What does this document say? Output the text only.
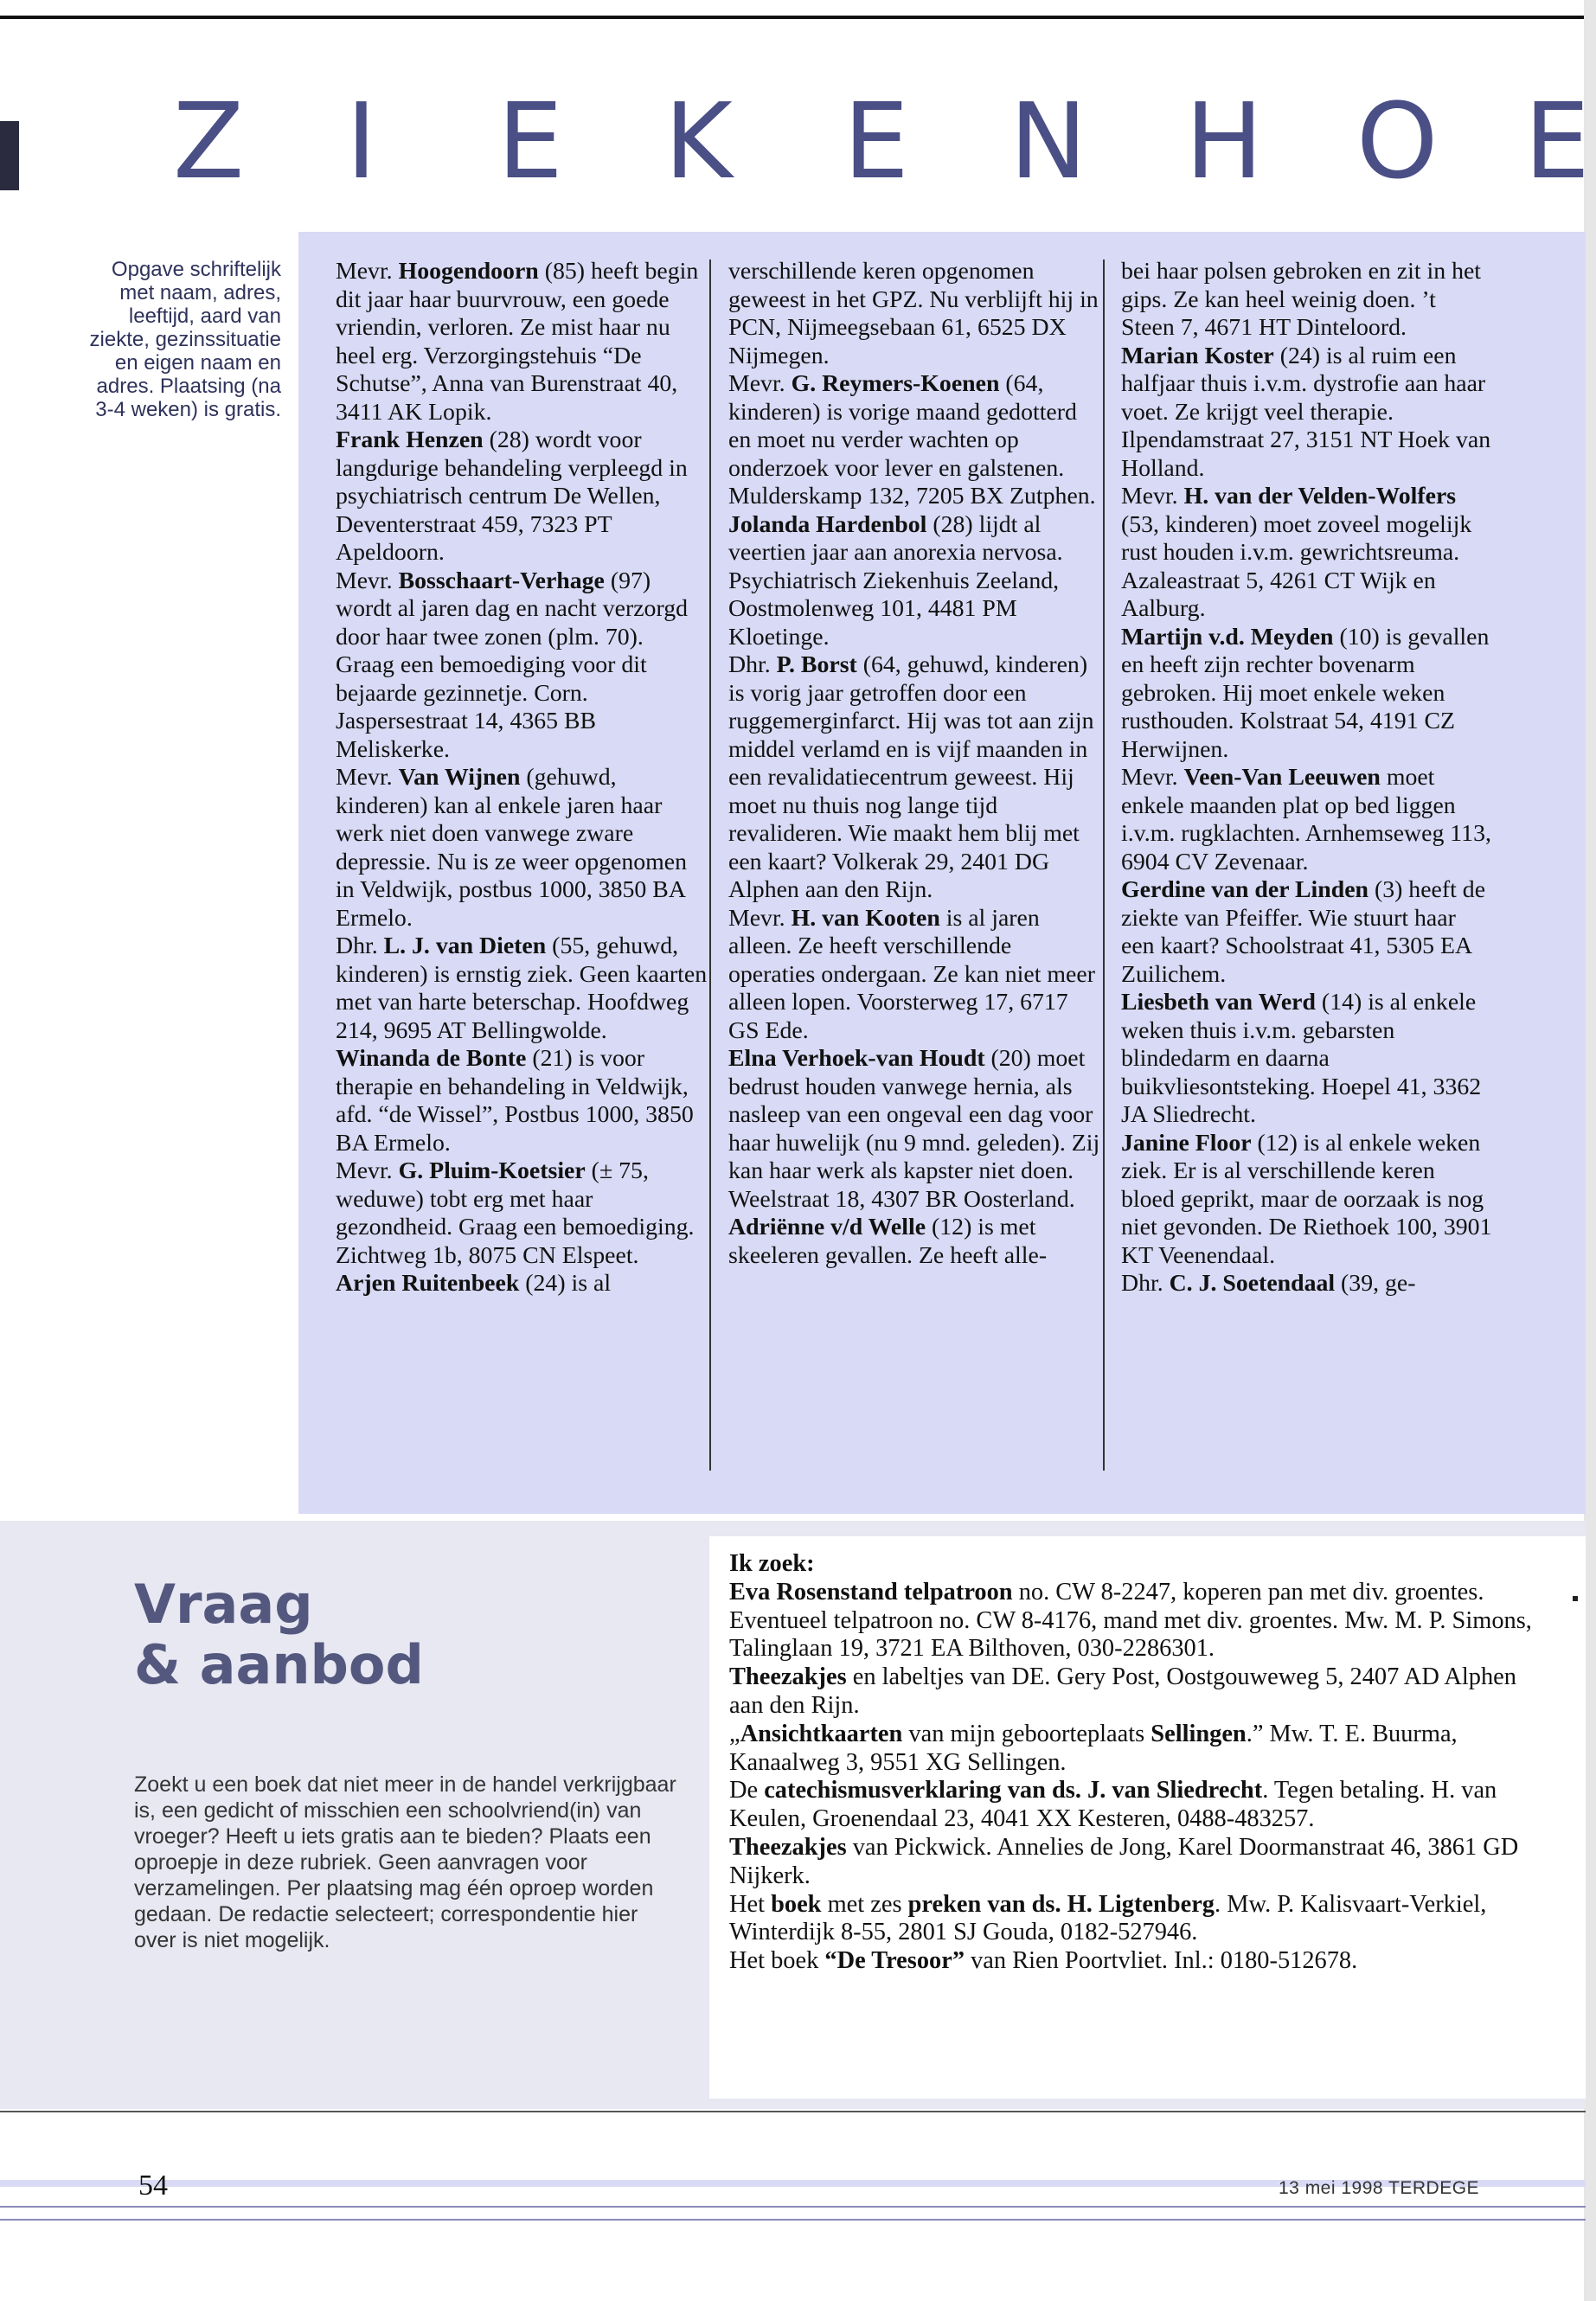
Z I E K E N H O E
Opgave schriftelijk met naam, adres, leeftijd, aard van ziekte, gezinssituatie en eigen naam en adres. Plaatsing (na 3-4 weken) is gratis.

Mevr. Hoogendoorn (85) heeft begin dit jaar haar buurvrouw, een goede vriendin, verloren. Ze mist haar nu heel erg. Verzorgingstehuis “De Schutse”, Anna van Burenstraat 40, 3411 AK Lopik.

Frank Henzen (28) wordt voor langdurige behandeling verpleegd in psychiatrisch centrum De Wellen, Deventerstraat 459, 7323 PT Apeldoorn.

Mevr. Bosschaart-Verhage (97) wordt al jaren dag en nacht verzorgd door haar twee zonen (plm. 70). Graag een bemoediging voor dit bejaarde gezinnetje. Corn. Jaspersestraat 14, 4365 BB Meliskerke.

Mevr. Van Wijnen (gehuwd, kinderen) kan al enkele jaren haar werk niet doen vanwege zware depressie. Nu is ze weer opgenomen in Veldwijk, postbus 1000, 3850 BA Ermelo.

Dhr. L. J. van Dieten (55, gehuwd, kinderen) is ernstig ziek. Geen kaarten met van harte beterschap. Hoofdweg 214, 9695 AT Bellingwolde.

Winanda de Bonte (21) is voor therapie en behandeling in Veldwijk, afd. “de Wissel”, Postbus 1000, 3850 BA Ermelo.

Mevr. G. Pluim-Koetsier (± 75, weduwe) tobt erg met haar gezondheid. Graag een bemoediging. Zichtweg 1b, 8075 CN Elspeet.

Arjen Ruitenbeek (24) is al

verschillende keren opgenomen geweest in het GPZ. Nu verblijft hij in PCN, Nijmeegsebaan 61, 6525 DX Nijmegen.

Mevr. G. Reymers-Koenen (64, kinderen) is vorige maand gedotterd en moet nu verder wachten op onderzoek voor lever en galstenen. Mulderskamp 132, 7205 BX Zutphen.

Jolanda Hardenbol (28) lijdt al veertien jaar aan anorexia nervosa. Psychiatrisch Ziekenhuis Zeeland, Oostmolenweg 101, 4481 PM Kloetinge.

Dhr. P. Borst (64, gehuwd, kinderen) is vorig jaar getroffen door een ruggemerginfarct. Hij was tot aan zijn middel verlamd en is vijf maanden in een revalidatiecentrum geweest. Hij moet nu thuis nog lange tijd revalideren. Wie maakt hem blij met een kaart? Volkerak 29, 2401 DG Alphen aan den Rijn.

Mevr. H. van Kooten is al jaren alleen. Ze heeft verschillende operaties ondergaan. Ze kan niet meer alleen lopen. Voorsterweg 17, 6717 GS Ede.

Elna Verhoek-van Houdt (20) moet bedrust houden vanwege hernia, als nasleep van een ongeval een dag voor haar huwelijk (nu 9 mnd. geleden). Zij kan haar werk als kapster niet doen. Weelstraat 18, 4307 BR Oosterland.

Adriënne v/d Welle (12) is met skeeleren gevallen. Ze heeft alle-

bei haar polsen gebroken en zit in het gips. Ze kan heel weinig doen. ’t Steen 7, 4671 HT Dinteloord.

Marian Koster (24) is al ruim een halfjaar thuis i.v.m. dystrofie aan haar voet. Ze krijgt veel therapie. Ilpendamstraat 27, 3151 NT Hoek van Holland.

Mevr. H. van der Velden-Wolfers (53, kinderen) moet zoveel mogelijk rust houden i.v.m. gewrichtsreuma. Azaleastraat 5, 4261 CT Wijk en Aalburg.

Martijn v.d. Meyden (10) is gevallen en heeft zijn rechter bovenarm gebroken. Hij moet enkele weken rusthouden. Kolstraat 54, 4191 CZ Herwijnen.

Mevr. Veen-Van Leeuwen moet enkele maanden plat op bed liggen i.v.m. rugklachten. Arnhemseweg 113, 6904 CV Zevenaar.

Gerdine van der Linden (3) heeft de ziekte van Pfeiffer. Wie stuurt haar een kaart? Schoolstraat 41, 5305 EA Zuilichem.

Liesbeth van Werd (14) is al enkele weken thuis i.v.m. gebarsten blindedarm en daarna buikvliesontsteking. Hoepel 41, 3362 JA Sliedrecht.

Janine Floor (12) is al enkele weken ziek. Er is al verschillende keren bloed geprikt, maar de oorzaak is nog niet gevonden. De Riethoek 100, 3901 KT Veenendaal.

Dhr. C. J. Soetendaal (39, ge-

Vraag
& aanbod
Zoekt u een boek dat niet meer in de handel verkrijgbaar is, een gedicht of misschien een schoolvriend(in) van vroeger? Heeft u iets gratis aan te bieden? Plaats een oproepje in deze rubriek. Geen aanvragen voor verzamelingen. Per plaatsing mag één oproep worden gedaan. De redactie selecteert; correspondentie hier over is niet mogelijk.

Ik zoek:

Eva Rosenstand telpatroon no. CW 8-2247, koperen pan met div. groentes. Eventueel telpatroon no. CW 8-4176, mand met div. groentes. Mw. M. P. Simons, Talinglaan 19, 3721 EA Bilthoven, 030-2286301.

Theezakjes en labeltjes van DE. Gery Post, Oostgouweweg 5, 2407 AD Alphen aan den Rijn.

„Ansichtkaarten van mijn geboorteplaats Sellingen.” Mw. T. E. Buurma, Kanaalweg 3, 9551 XG Sellingen.

De catechismusverklaring van ds. J. van Sliedrecht. Tegen betaling. H. van Keulen, Groenendaal 23, 4041 XX Kesteren, 0488-483257.

Theezakjes van Pickwick. Annelies de Jong, Karel Doormanstraat 46, 3861 GD Nijkerk.

Het boek met zes preken van ds. H. Ligtenberg. Mw. P. Kalisvaart-Verkiel, Winterdijk 8-55, 2801 SJ Gouda, 0182-527946.

Het boek “De Tresoor” van Rien Poortvliet. Inl.: 0180-512678.

54	13 mei 1998 TERDEGE
